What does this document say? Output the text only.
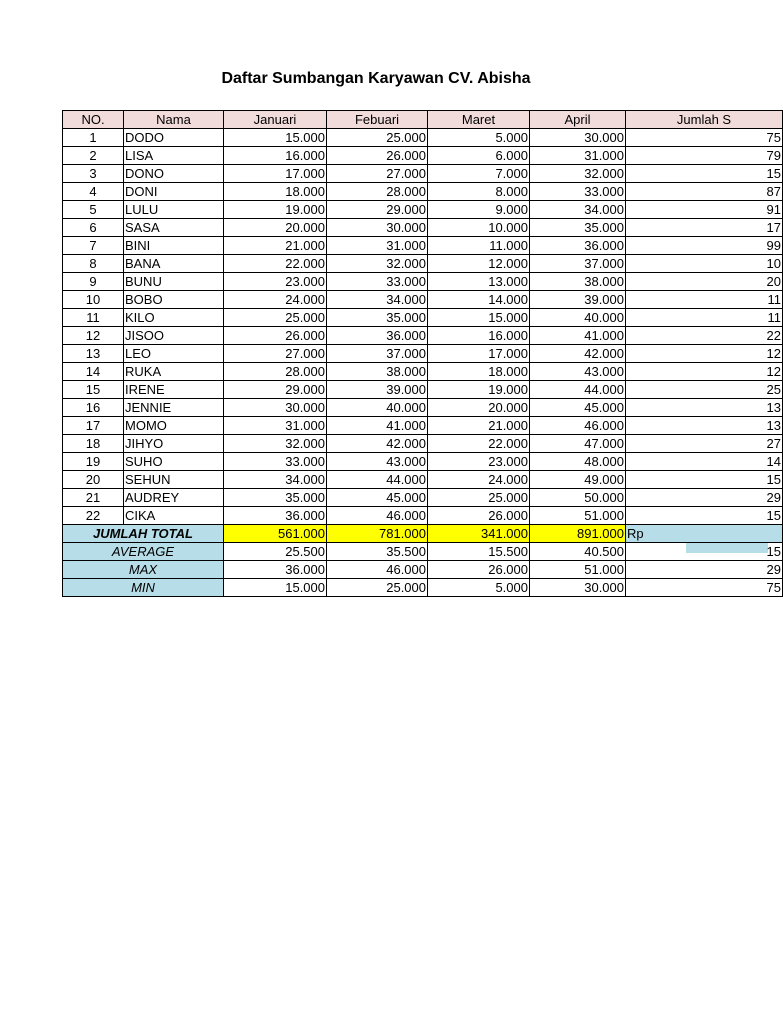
Daftar Sumbangan Karyawan CV. Abisha
NO.	Nama	Januari	Febuari	Maret	April	Jumlah S
1	DODO	15.000	25.000	5.000	30.000	75
2	LISA	16.000	26.000	6.000	31.000	79
3	DONO	17.000	27.000	7.000	32.000	15
4	DONI	18.000	28.000	8.000	33.000	87
5	LULU	19.000	29.000	9.000	34.000	91
6	SASA	20.000	30.000	10.000	35.000	17
7	BINI	21.000	31.000	11.000	36.000	99
8	BANA	22.000	32.000	12.000	37.000	10
9	BUNU	23.000	33.000	13.000	38.000	20
10	BOBO	24.000	34.000	14.000	39.000	11
11	KILO	25.000	35.000	15.000	40.000	11
12	JISOO	26.000	36.000	16.000	41.000	22
13	LEO	27.000	37.000	17.000	42.000	12
14	RUKA	28.000	38.000	18.000	43.000	12
15	IRENE	29.000	39.000	19.000	44.000	25
16	JENNIE	30.000	40.000	20.000	45.000	13
17	MOMO	31.000	41.000	21.000	46.000	13
18	JIHYO	32.000	42.000	22.000	47.000	27
19	SUHO	33.000	43.000	23.000	48.000	14
20	SEHUN	34.000	44.000	24.000	49.000	15
21	AUDREY	35.000	45.000	25.000	50.000	29
22	CIKA	36.000	46.000	26.000	51.000	15
JUMLAH TOTAL		561.000	781.000	341.000	891.000	Rp
AVERAGE		25.500	35.500	15.500	40.500	15
MAX		36.000	46.000	26.000	51.000	29
MIN		15.000	25.000	5.000	30.000	75
